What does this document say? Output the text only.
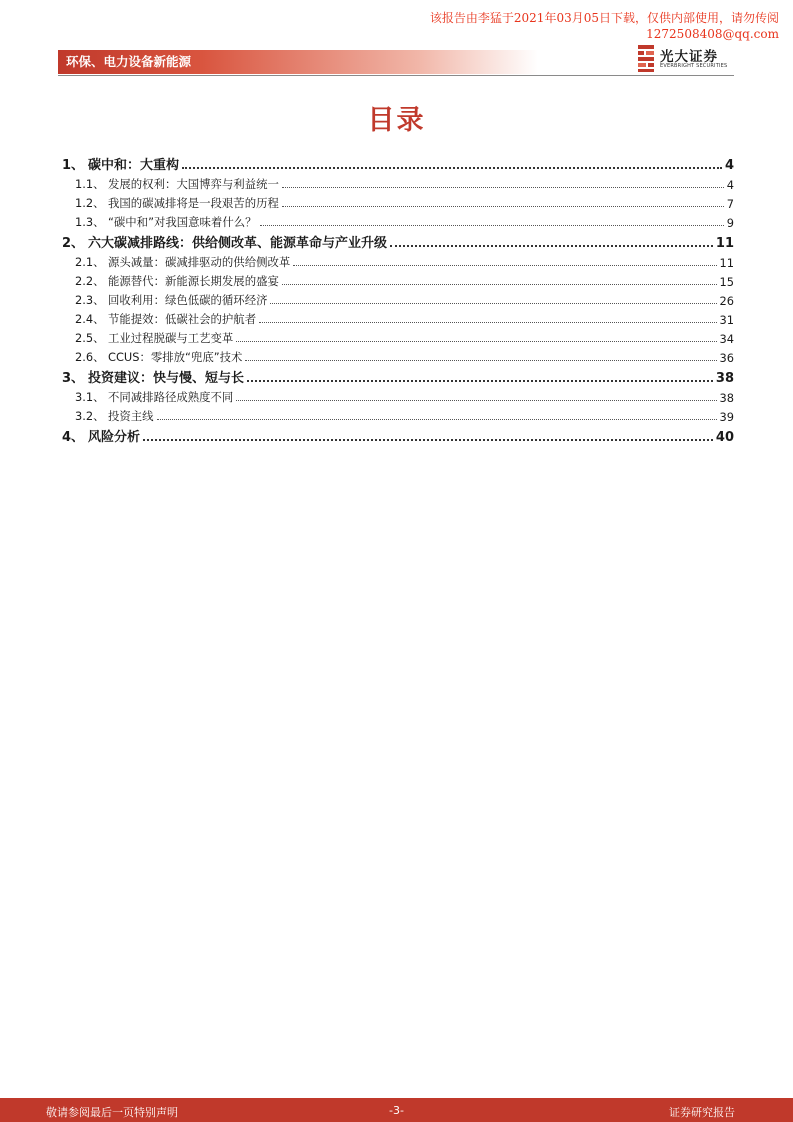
该报告由李猛于2021年03月05日下载，仅供内部使用，请勿传阅
1272508408@qq.com
环保、电力设备新能源	光大证券
EVERBRIGHT SECURITIES
目录
1、 碳中和：大重构	4
1.1、 发展的权利：大国博弈与利益统一	4
1.2、 我国的碳减排将是一段艰苦的历程	7
1.3、 “碳中和”对我国意味着什么？	9
2、 六大碳减排路线：供给侧改革、能源革命与产业升级	11
2.1、 源头减量：碳减排驱动的供给侧改革	11
2.2、 能源替代：新能源长期发展的盛宴	15
2.3、 回收利用：绿色低碳的循环经济	26
2.4、 节能提效：低碳社会的护航者	31
2.5、 工业过程脱碳与工艺变革	34
2.6、 CCUS：零排放“兜底”技术	36
3、 投资建议：快与慢、短与长	38
3.1、 不同减排路径成熟度不同	38
3.2、 投资主线	39
4、 风险分析	40
敬请参阅最后一页特别声明	-3-	证券研究报告
